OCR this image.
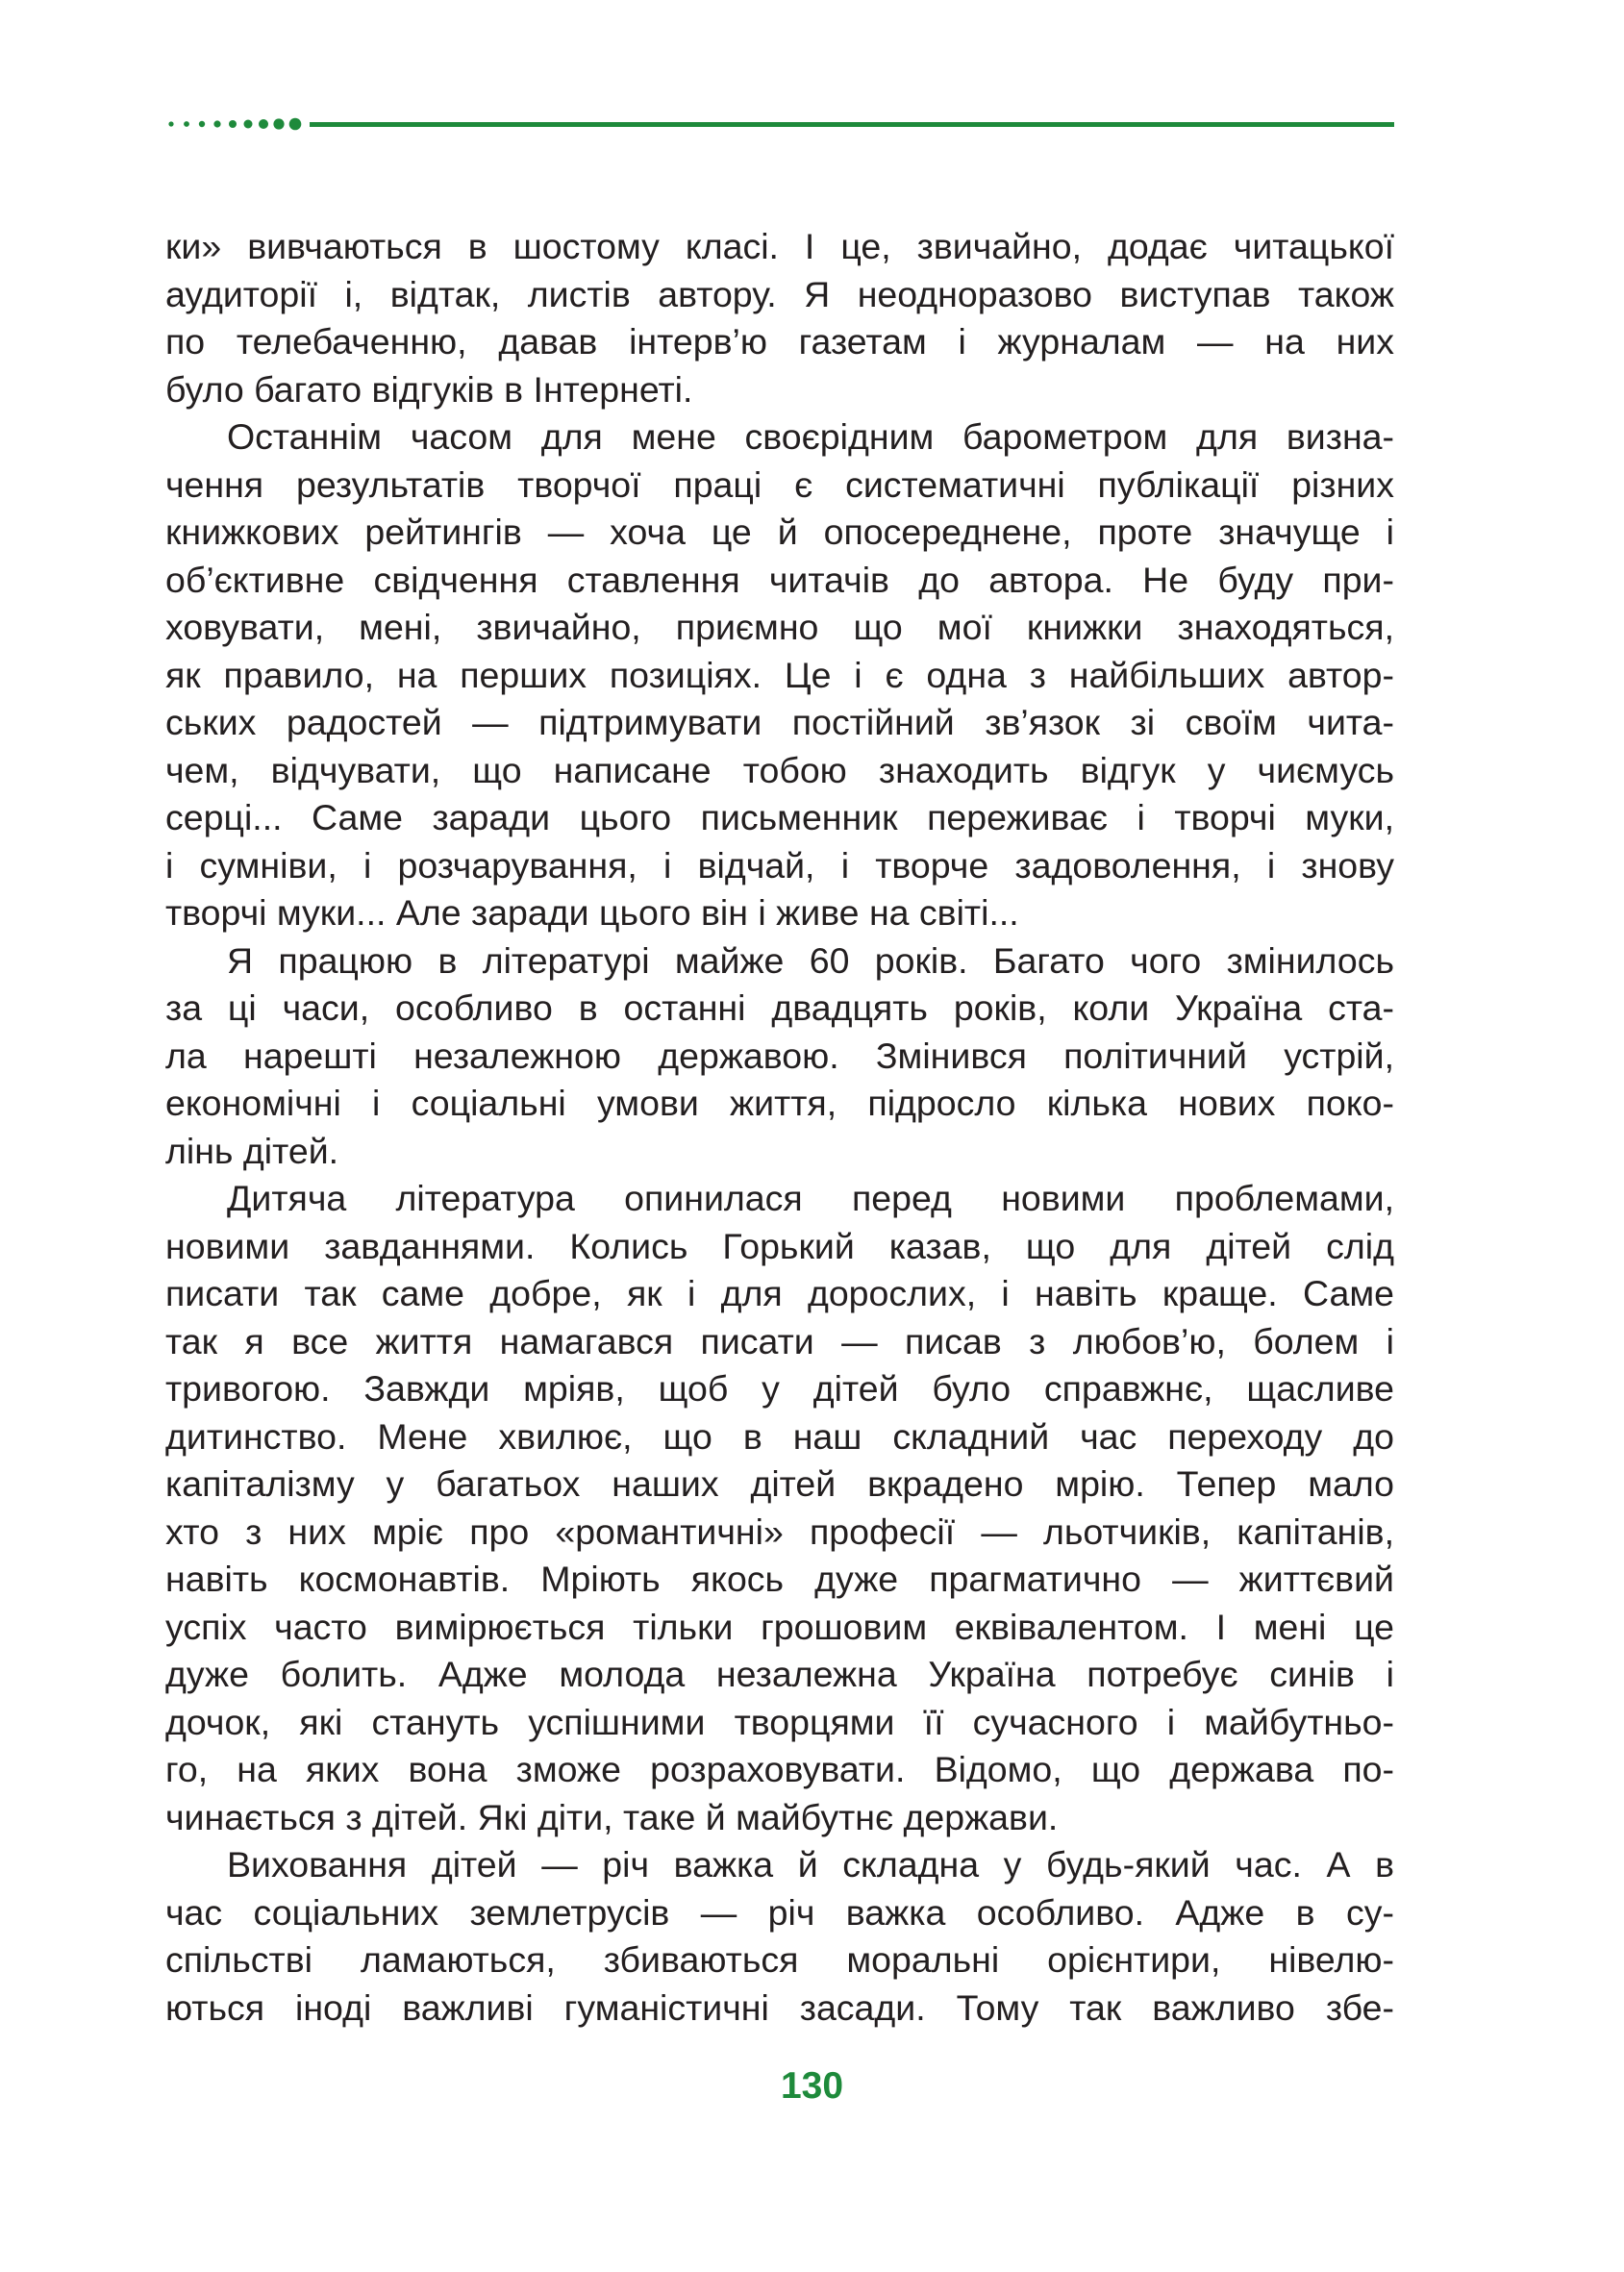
ки» вивчаються в шостому класі. І це, звичайно, додає читацької
аудиторії і, відтак, листів автору. Я неодноразово виступав також
по телебаченню, давав інтерв’ю газетам і журналам — на них
було багато відгуків в Інтернеті.
Останнім часом для мене своєрідним барометром для визна-
чення результатів творчої праці є систематичні публікації різних
книжкових рейтингів — хоча це й опосереднене, проте значуще і
об’єктивне свідчення ставлення читачів до автора. Не буду при-
ховувати, мені, звичайно, приємно що мої книжки знаходяться,
як правило, на перших позиціях. Це і є одна з найбільших автор-
ських радостей — підтримувати постійний зв’язок зі своїм чита-
чем, відчувати, що написане тобою знаходить відгук у чиємусь
серці... Саме заради цього письменник переживає і творчі муки,
і сумніви, і розчарування, і відчай, і творче задоволення, і знову
творчі муки... Але заради цього він і живе на світі...
Я працюю в літературі майже 60 років. Багато чого змінилось
за ці часи, особливо в останні двадцять років, коли Україна ста-
ла нарешті незалежною державою. Змінився політичний устрій,
економічні і соціальні умови життя, підросло кілька нових поко-
лінь дітей.
Дитяча література опинилася перед новими проблемами,
новими завданнями. Колись Горький казав, що для дітей слід
писати так саме добре, як і для дорослих, і навіть краще. Саме
так я все життя намагався писати — писав з любов’ю, болем і
тривогою. Завжди мріяв, щоб у дітей було справжнє, щасливе
дитинство. Мене хвилює, що в наш складний час переходу до
капіталізму у багатьох наших дітей вкрадено мрію. Тепер мало
хто з них мріє про «романтичні» професії — льотчиків, капітанів,
навіть космонавтів. Мріють якось дуже прагматично — життєвий
успіх часто вимірюється тільки грошовим еквівалентом. І мені це
дуже болить. Адже молода незалежна Україна потребує синів і
дочок, які стануть успішними творцями її сучасного і майбутньо-
го, на яких вона зможе розраховувати. Відомо, що держава по-
чинається з дітей. Які діти, таке й майбутнє держави.
Виховання дітей — річ важка й складна у будь-який час. А в
час соціальних землетрусів — річ важка особливо. Адже в су-
спільстві ламаються, збиваються моральні орієнтири, нівелю-
ються іноді важливі гуманістичні засади. Тому так важливо збе-
130
